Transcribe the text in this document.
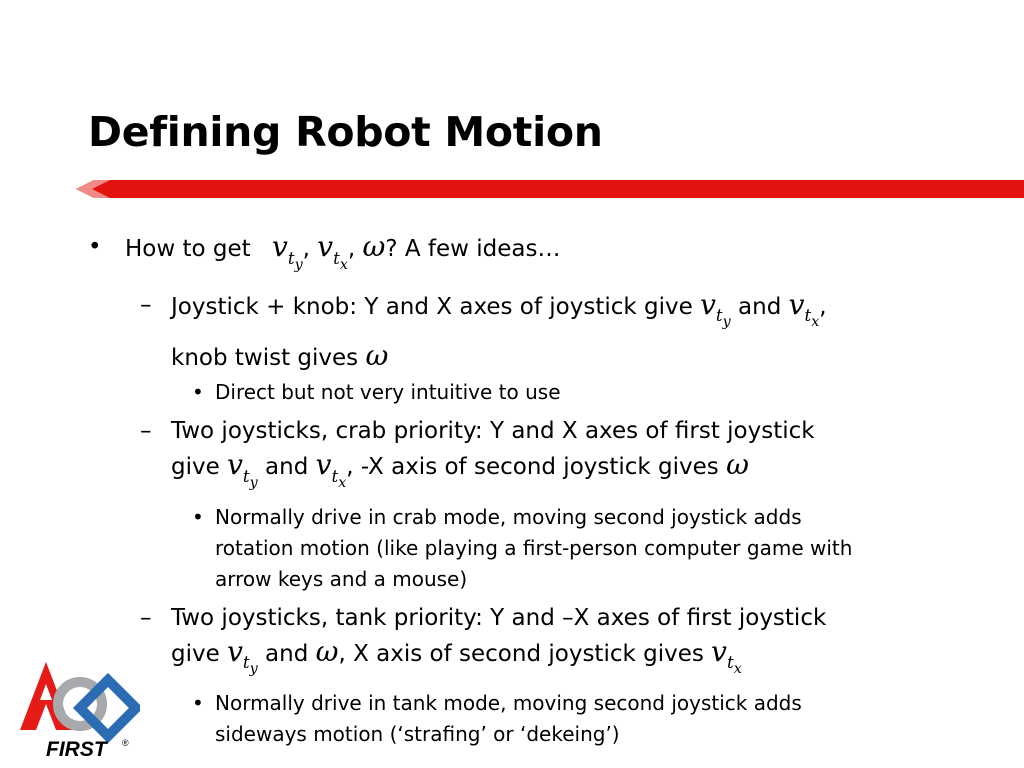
Defining Robot Motion
• How to get $v_{t_y}$, $v_{t_x}$, ω? A few ideas…
– Joystick + knob: Y and X axes of joystick give $v_{t_y}$ and $v_{t_x}$,
knob twist gives ω
• Direct but not very intuitive to use
– Two joysticks, crab priority: Y and X axes of first joystick
give $v_{t_y}$ and $v_{t_x}$, -X axis of second joystick gives ω
• Normally drive in crab mode, moving second joystick adds
rotation motion (like playing a first-person computer game with
arrow keys and a mouse)
– Two joysticks, tank priority: Y and –X axes of first joystick
give $v_{t_y}$ and ω, X axis of second joystick gives $v_{t_x}$
• Normally drive in tank mode, moving second joystick adds
sideways motion (‘strafing’ or ‘dekeing’)
FIRST ®
